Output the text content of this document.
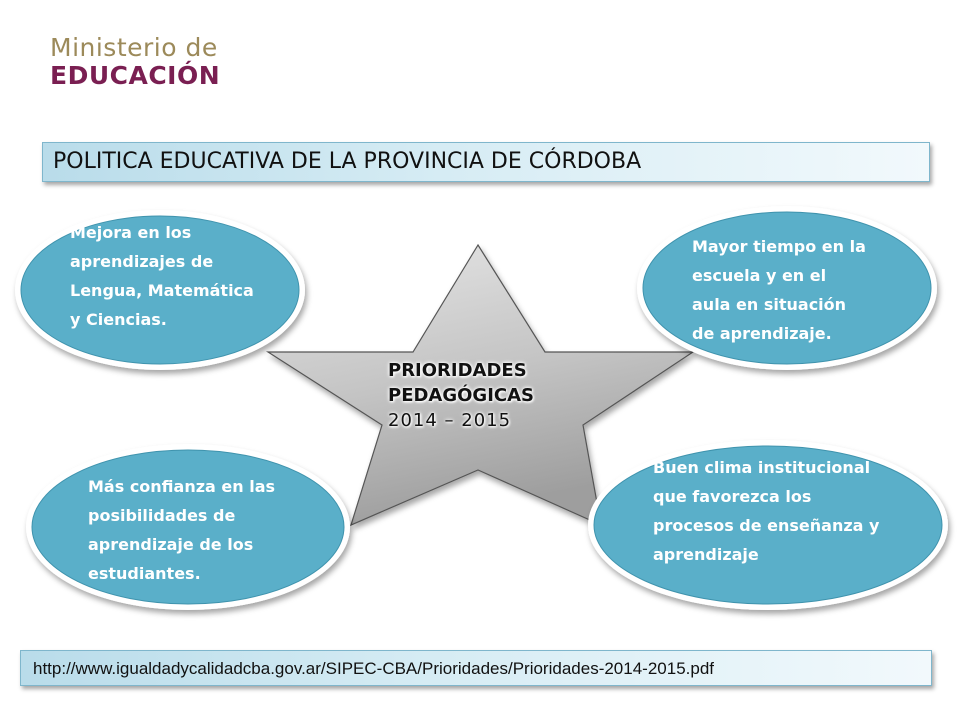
Ministerio de
EDUCACIÓN
POLITICA EDUCATIVA DE LA PROVINCIA DE CÓRDOBA
Mejora en los aprendizajes de Lengua, Matemática y Ciencias.
Mayor tiempo en la escuela y en el aula en situación de aprendizaje.
Más confianza en las posibilidades de aprendizaje de los estudiantes.
Buen clima institucional que favorezca los procesos de enseñanza y aprendizaje
PRIORIDADES
PEDAGÓGICAS
2014 – 2015
http://www.igualdadycalidadcba.gov.ar/SIPEC-CBA/Prioridades/Prioridades-2014-2015.pdf
